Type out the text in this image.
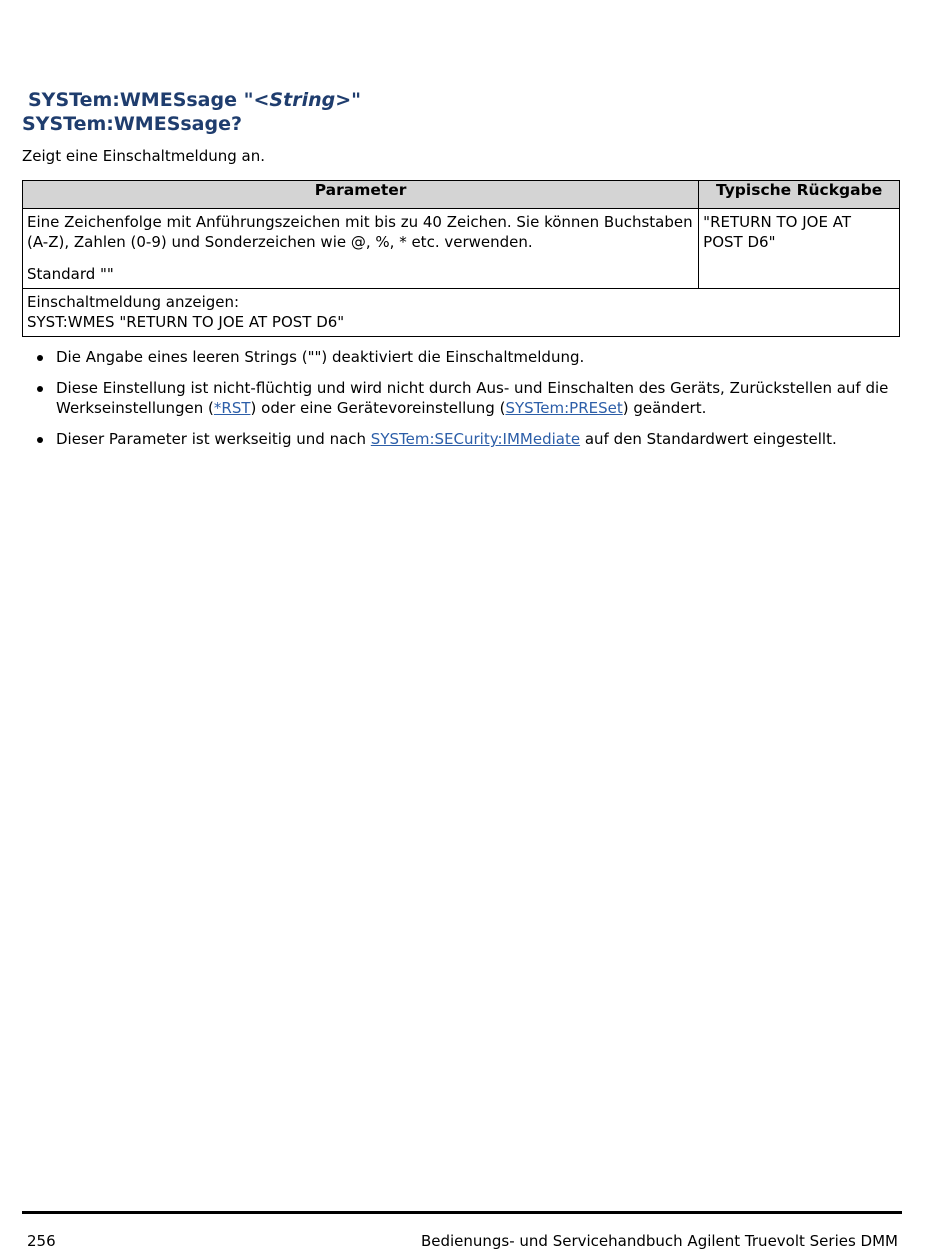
SYSTem:WMESsage "<String>"
SYSTem:WMESsage?
Zeigt eine Einschaltmeldung an.
Parameter	Typische Rückgabe

Eine Zeichenfolge mit Anführungszeichen mit bis zu 40 Zeichen. Sie können Buchstaben (A-Z), Zahlen (0-9) und Sonderzeichen wie @, %, * etc. verwenden.

Standard ""	"RETURN TO JOE AT POST D6"

Einschaltmeldung anzeigen:
SYST:WMES "RETURN TO JOE AT POST D6"	
Die Angabe eines leeren Strings ("") deaktiviert die Einschaltmeldung.
Diese Einstellung ist nicht-flüchtig und wird nicht durch Aus- und Einschalten des Geräts, Zurückstellen auf die Werkseinstellungen (*RST) oder eine Gerätevoreinstellung (SYSTem:PRESet) geändert.
Dieser Parameter ist werkseitig und nach SYSTem:SECurity:IMMediate auf den Standardwert eingestellt.
256	Bedienungs- und Servicehandbuch Agilent Truevolt Series DMM
